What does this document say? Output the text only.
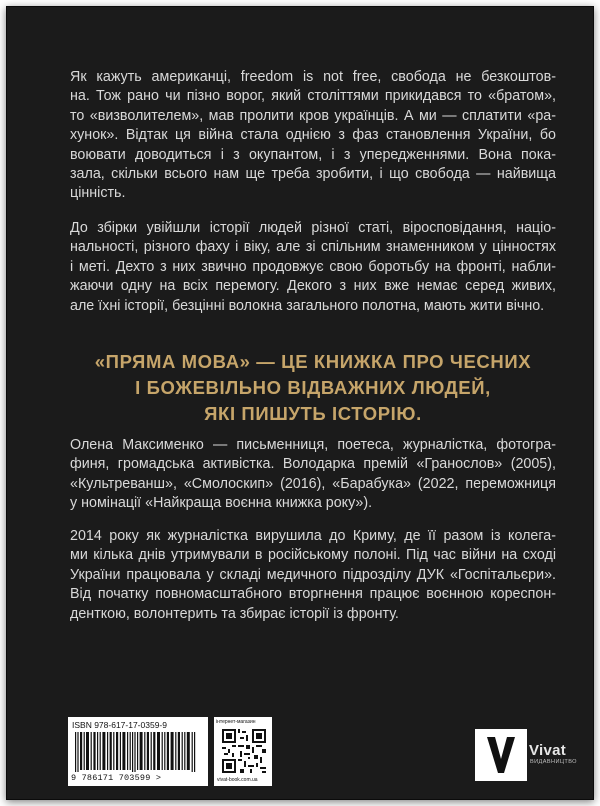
Як кажуть американці, freedom is not free, свобода не безкоштов-
на. Тож рано чи пізно ворог, який століттями прикидався то «братом»,
то «визволителем», мав пролити кров українців. А ми — сплатити «ра-
хунок». Відтак ця війна стала однією з фаз становлення України, бо
воювати доводиться і з окупантом, і з упередженнями. Вона пока-
зала, скільки всього нам ще треба зробити, і що свобода — найвища
цінність.
До збірки увійшли історії людей різної статі, віросповідання, націо-
нальності, різного фаху і віку, але зі спільним знаменником у цінностях
і меті. Дехто з них звично продовжує свою боротьбу на фронті, набли-
жаючи одну на всіх перемогу. Декого з них вже немає серед живих,
але їхні історії, безцінні волокна загального полотна, мають жити вічно.
«ПРЯМА МОВА» — ЦЕ КНИЖКА ПРО ЧЕСНИХ
І БОЖЕВІЛЬНО ВІДВАЖНИХ ЛЮДЕЙ,
ЯКІ ПИШУТЬ ІСТОРІЮ.
Олена Максименко — письменниця, поетеса, журналістка, фотогра-
финя, громадська активістка. Володарка премій «Гранослов» (2005),
«Культреванш», «Смолоскип» (2016), «Барабука» (2022, переможниця
у номінації «Найкраща воєнна книжка року»).
2014 року як журналістка вирушила до Криму, де її разом із колега-
ми кілька днів утримували в російському полоні. Під час війни на сході
України працювала у складі медичного підрозділу ДУК «Госпітальєри».
Від початку повномасштабного вторгнення працює воєнною кореспон-
денткою, волонтерить та збирає історії із фронту.
ISBN 978-617-17-0359-9
9 786171 703599 >
інтернет-магазин
vivat-book.com.ua
Vivat
ВИДАВНИЦТВО
